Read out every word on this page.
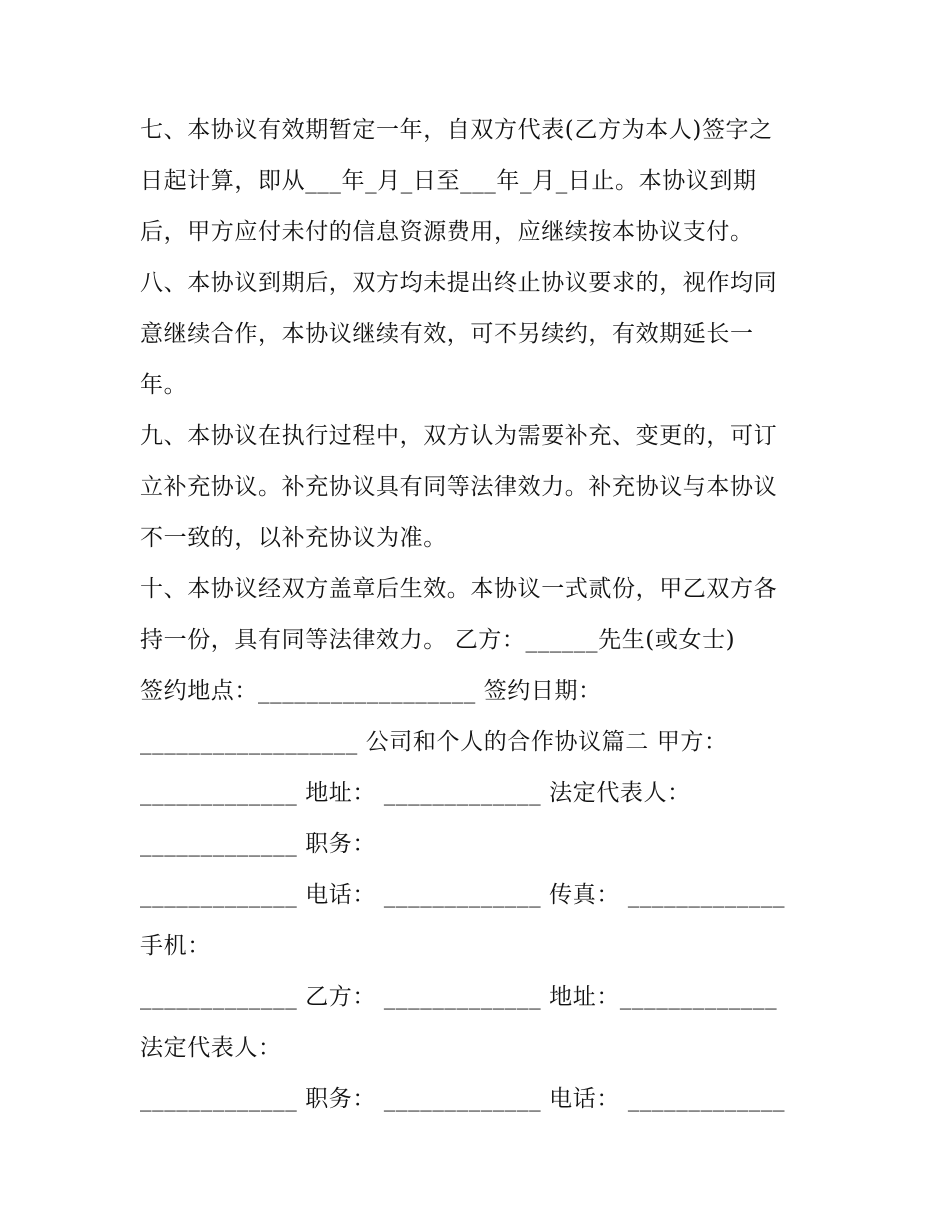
七、本协议有效期暂定一年，自双方代表(乙方为本人)签字之
日起计算，即从___年_月_日至___年_月_日止。本协议到期
后，甲方应付未付的信息资源费用，应继续按本协议支付。
八、本协议到期后，双方均未提出终止协议要求的，视作均同
意继续合作，本协议继续有效，可不另续约，有效期延长一
年。
九、本协议在执行过程中，双方认为需要补充、变更的，可订
立补充协议。补充协议具有同等法律效力。补充协议与本协议
不一致的，以补充协议为准。
十、本协议经双方盖章后生效。本协议一式贰份，甲乙双方各
持一份，具有同等法律效力。 乙方：______先生(或女士)
签约地点：__________________ 签约日期：
__________________ 公司和个人的合作协议篇二 甲方：
_____________ 地址： _____________ 法定代表人：
_____________ 职务：
_____________ 电话： _____________ 传真： _____________
手机：
_____________ 乙方： _____________ 地址：_____________
法定代表人：
_____________ 职务： _____________ 电话： _____________
